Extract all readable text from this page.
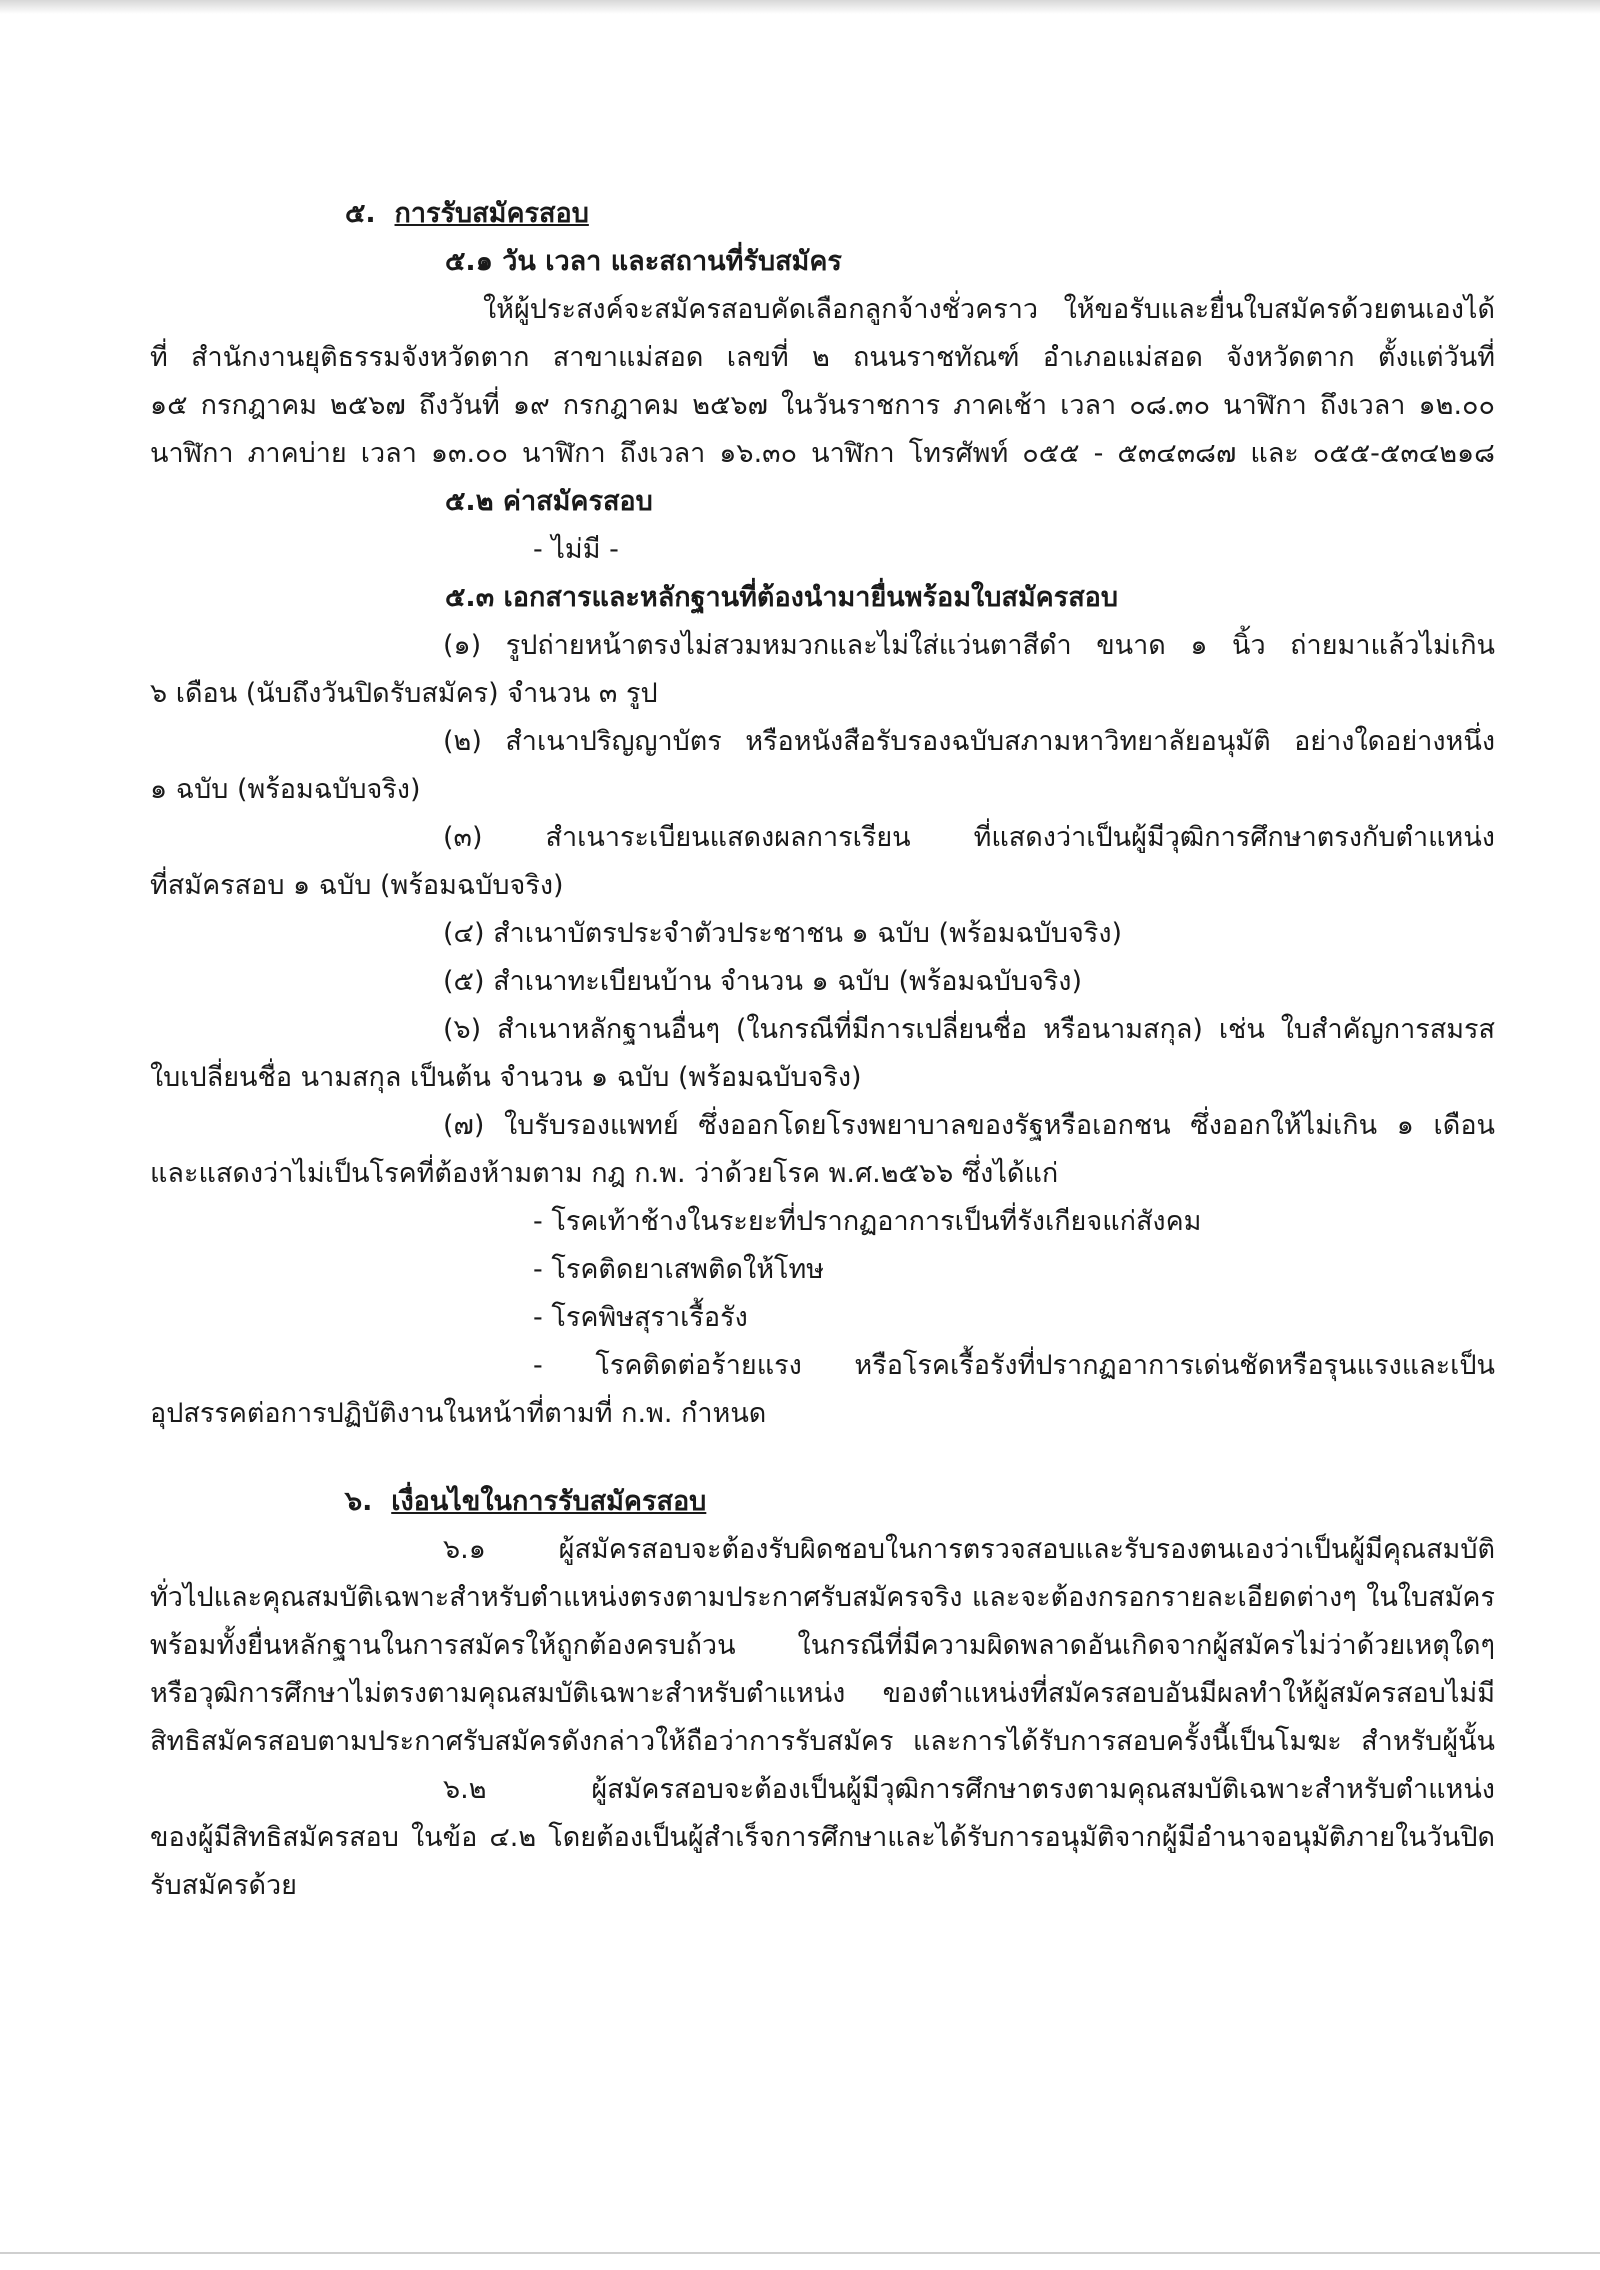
๕. การรับสมัครสอบ
๕.๑ วัน เวลา และสถานที่รับสมัคร
ให้ผู้ประสงค์จะสมัครสอบคัดเลือกลูกจ้างชั่วคราว ให้ขอรับและยื่นใบสมัครด้วยตนเองได้
ที่ สำนักงานยุติธรรมจังหวัดตาก สาขาแม่สอด เลขที่ ๒ ถนนราชทัณฑ์ อำเภอแม่สอด จังหวัดตาก ตั้งแต่วันที่
๑๕ กรกฎาคม ๒๕๖๗ ถึงวันที่ ๑๙ กรกฎาคม ๒๕๖๗ ในวันราชการ ภาคเช้า เวลา ๐๘.๓๐ นาฬิกา ถึงเวลา ๑๒.๐๐
นาฬิกา ภาคบ่าย เวลา ๑๓.๐๐ นาฬิกา ถึงเวลา ๑๖.๓๐ นาฬิกา โทรศัพท์ ๐๕๕ - ๕๓๔๓๘๗ และ ๐๕๕-๕๓๔๒๑๘
๕.๒ ค่าสมัครสอบ
- ไม่มี -
๕.๓ เอกสารและหลักฐานที่ต้องนำมายื่นพร้อมใบสมัครสอบ
(๑) รูปถ่ายหน้าตรงไม่สวมหมวกและไม่ใส่แว่นตาสีดำ ขนาด ๑ นิ้ว ถ่ายมาแล้วไม่เกิน
๖ เดือน (นับถึงวันปิดรับสมัคร) จำนวน ๓ รูป
(๒) สำเนาปริญญาบัตร หรือหนังสือรับรองฉบับสภามหาวิทยาลัยอนุมัติ อย่างใดอย่างหนึ่ง
๑ ฉบับ (พร้อมฉบับจริง)
(๓) สำเนาระเบียนแสดงผลการเรียน ที่แสดงว่าเป็นผู้มีวุฒิการศึกษาตรงกับตำแหน่ง
ที่สมัครสอบ ๑ ฉบับ (พร้อมฉบับจริง)
(๔) สำเนาบัตรประจำตัวประชาชน ๑ ฉบับ (พร้อมฉบับจริง)
(๕) สำเนาทะเบียนบ้าน จำนวน ๑ ฉบับ (พร้อมฉบับจริง)
(๖) สำเนาหลักฐานอื่นๆ (ในกรณีที่มีการเปลี่ยนชื่อ หรือนามสกุล) เช่น ใบสำคัญการสมรส
ใบเปลี่ยนชื่อ นามสกุล เป็นต้น จำนวน ๑ ฉบับ (พร้อมฉบับจริง)
(๗) ใบรับรองแพทย์ ซึ่งออกโดยโรงพยาบาลของรัฐหรือเอกชน ซึ่งออกให้ไม่เกิน ๑ เดือน
และแสดงว่าไม่เป็นโรคที่ต้องห้ามตาม กฎ ก.พ. ว่าด้วยโรค พ.ศ.๒๕๖๖ ซึ่งได้แก่
- โรคเท้าช้างในระยะที่ปรากฏอาการเป็นที่รังเกียจแก่สังคม
- โรคติดยาเสพติดให้โทษ
- โรคพิษสุราเรื้อรัง
- โรคติดต่อร้ายแรง หรือโรคเรื้อรังที่ปรากฏอาการเด่นชัดหรือรุนแรงและเป็น
อุปสรรคต่อการปฏิบัติงานในหน้าที่ตามที่ ก.พ. กำหนด
๖. เงื่อนไขในการรับสมัครสอบ
๖.๑ ผู้สมัครสอบจะต้องรับผิดชอบในการตรวจสอบและรับรองตนเองว่าเป็นผู้มีคุณสมบัติ
ทั่วไปและคุณสมบัติเฉพาะสำหรับตำแหน่งตรงตามประกาศรับสมัครจริง และจะต้องกรอกรายละเอียดต่างๆ ในใบสมัคร
พร้อมทั้งยื่นหลักฐานในการสมัครให้ถูกต้องครบถ้วน ในกรณีที่มีความผิดพลาดอันเกิดจากผู้สมัครไม่ว่าด้วยเหตุใดๆ
หรือวุฒิการศึกษาไม่ตรงตามคุณสมบัติเฉพาะสำหรับตำแหน่ง ของตำแหน่งที่สมัครสอบอันมีผลทำให้ผู้สมัครสอบไม่มี
สิทธิสมัครสอบตามประกาศรับสมัครดังกล่าวให้ถือว่าการรับสมัคร และการได้รับการสอบครั้งนี้เป็นโมฆะ สำหรับผู้นั้น
๖.๒ ผู้สมัครสอบจะต้องเป็นผู้มีวุฒิการศึกษาตรงตามคุณสมบัติเฉพาะสำหรับตำแหน่ง
ของผู้มีสิทธิสมัครสอบ ในข้อ ๔.๒ โดยต้องเป็นผู้สำเร็จการศึกษาและได้รับการอนุมัติจากผู้มีอำนาจอนุมัติภายในวันปิด
รับสมัครด้วย
